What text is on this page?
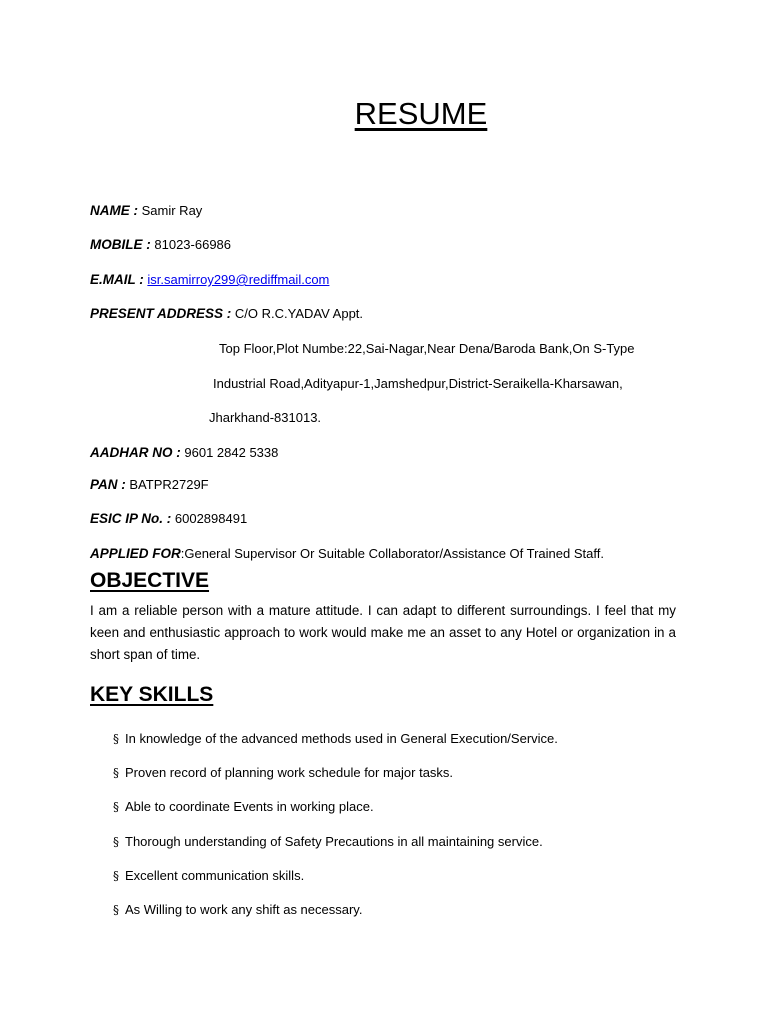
RESUME
NAME : Samir Ray
MOBILE : 81023-66986
E.MAIL : isr.samirroy299@rediffmail.com
PRESENT ADDRESS : C/O R.C.YADAV Appt.
Top Floor,Plot Numbe:22,Sai-Nagar,Near Dena/Baroda Bank,On S-Type
Industrial Road,Adityapur-1,Jamshedpur,District-Seraikella-Kharsawan,
Jharkhand-831013.
AADHAR NO : 9601 2842 5338
PAN : BATPR2729F
ESIC IP No. : 6002898491
APPLIED FOR:General Supervisor Or Suitable Collaborator/Assistance Of Trained Staff.
OBJECTIVE

I am a reliable person with a mature attitude. I can adapt to different surroundings. I feel that my keen and enthusiastic approach to work would make me an asset to any Hotel or organization in a short span of time.

KEY SKILLS
§ In knowledge of the advanced methods used in General Execution/Service.
§ Proven record of planning work schedule for major tasks.
§ Able to coordinate Events in working place.
§ Thorough understanding of Safety Precautions in all maintaining service.
§ Excellent communication skills.
§ As Willing to work any shift as necessary.
